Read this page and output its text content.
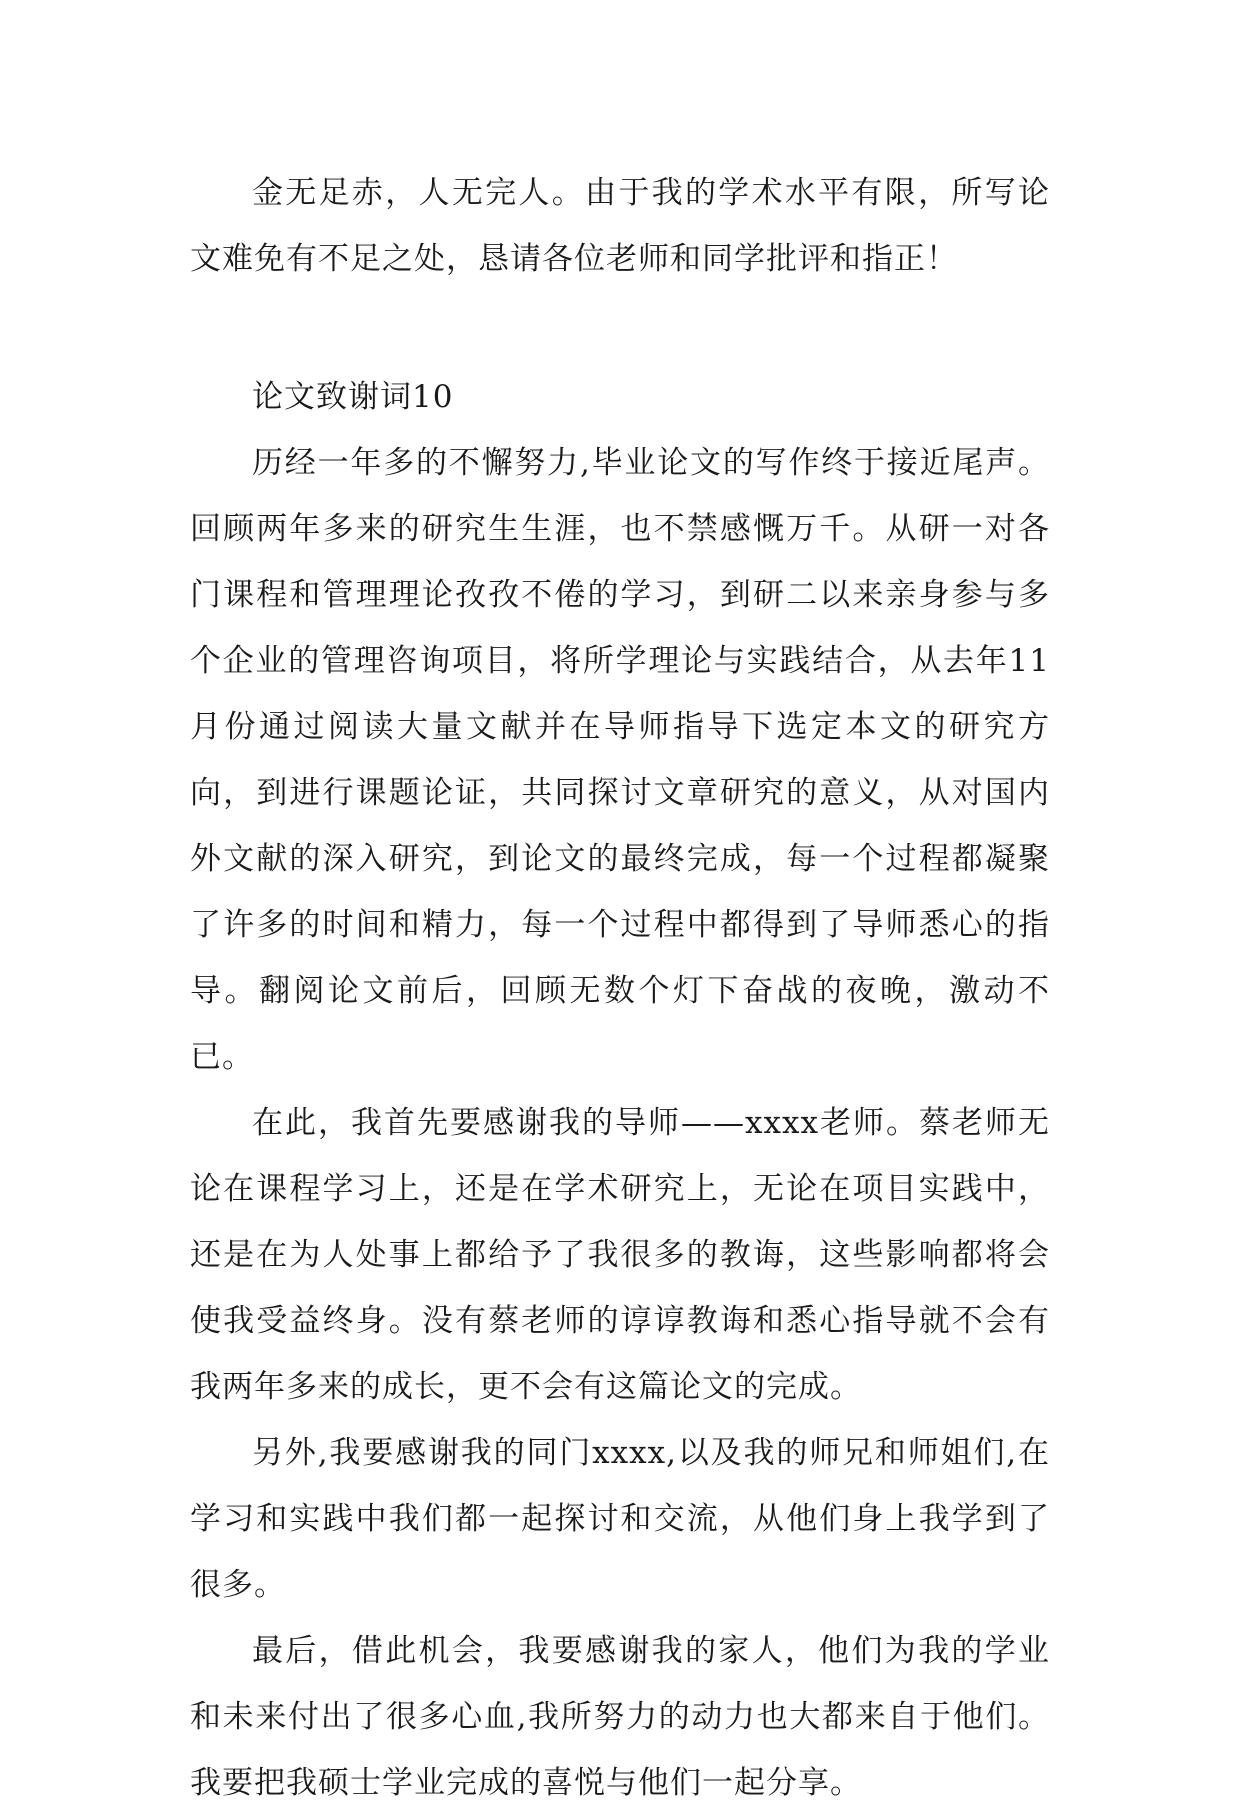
金无足赤，人无完人。由于我的学术水平有限，所写论文难免有不足之处，恳请各位老师和同学批评和指正！

论文致谢词10

历经一年多的不懈努力,毕业论文的写作终于接近尾声。回顾两年多来的研究生生涯，也不禁感慨万千。从研一对各门课程和管理理论孜孜不倦的学习，到研二以来亲身参与多个企业的管理咨询项目，将所学理论与实践结合，从去年11月份通过阅读大量文献并在导师指导下选定本文的研究方向，到进行课题论证，共同探讨文章研究的意义，从对国内外文献的深入研究，到论文的最终完成，每一个过程都凝聚了许多的时间和精力，每一个过程中都得到了导师悉心的指导。翻阅论文前后，回顾无数个灯下奋战的夜晚，激动不已。

在此，我首先要感谢我的导师——xxxx老师。蔡老师无论在课程学习上，还是在学术研究上，无论在项目实践中，还是在为人处事上都给予了我很多的教诲，这些影响都将会使我受益终身。没有蔡老师的谆谆教诲和悉心指导就不会有我两年多来的成长，更不会有这篇论文的完成。

另外,我要感谢我的同门xxxx,以及我的师兄和师姐们,在学习和实践中我们都一起探讨和交流，从他们身上我学到了很多。

最后，借此机会，我要感谢我的家人，他们为我的学业和未来付出了很多心血,我所努力的动力也大都来自于他们。我要把我硕士学业完成的喜悦与他们一起分享。
